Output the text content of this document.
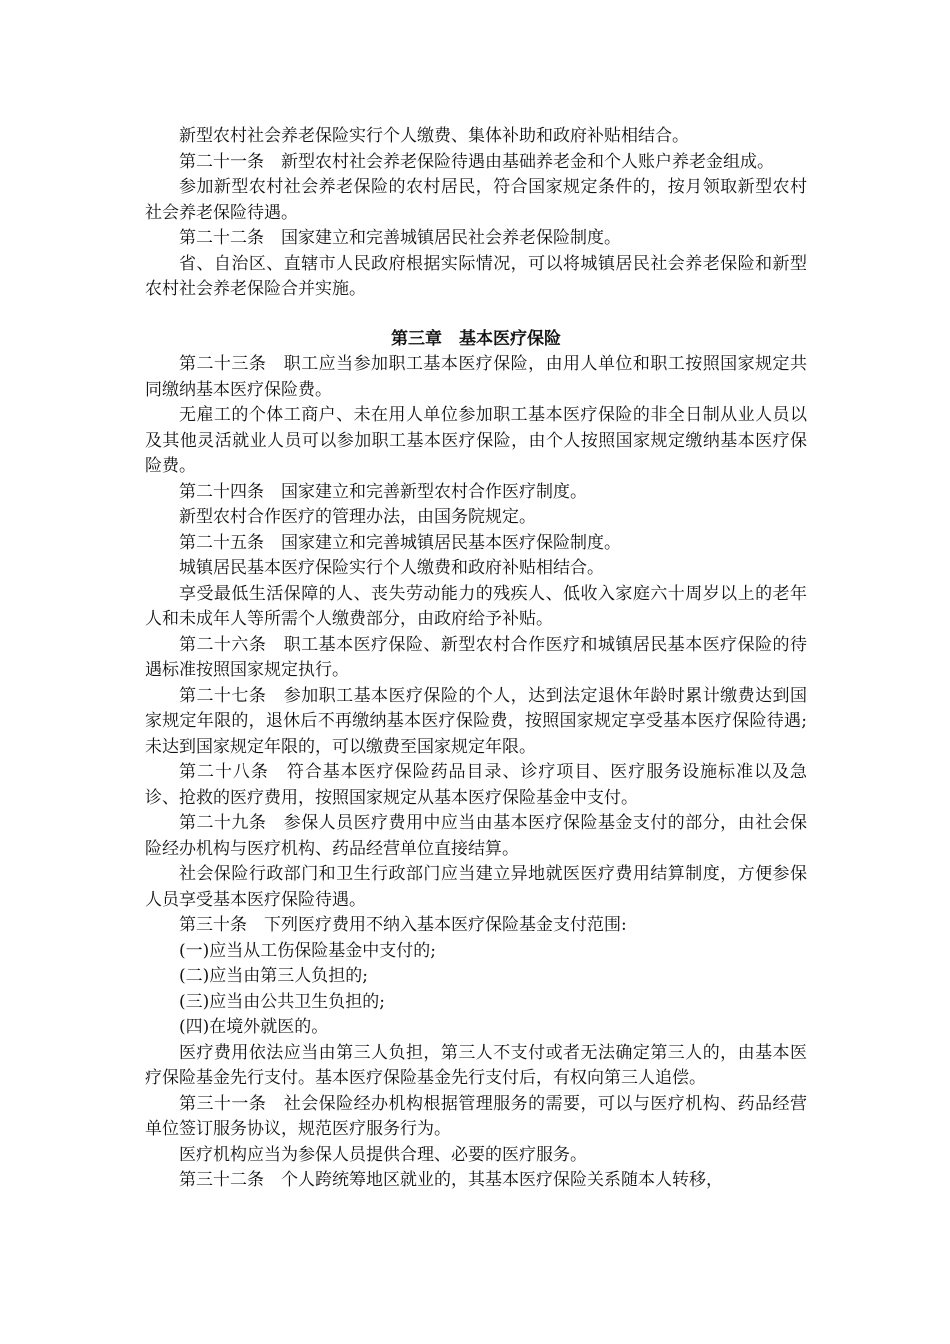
新型农村社会养老保险实行个人缴费、集体补助和政府补贴相结合。

第二十一条　新型农村社会养老保险待遇由基础养老金和个人账户养老金组成。

参加新型农村社会养老保险的农村居民，符合国家规定条件的，按月领取新型农村社会养老保险待遇。

第二十二条　国家建立和完善城镇居民社会养老保险制度。

省、自治区、直辖市人民政府根据实际情况，可以将城镇居民社会养老保险和新型农村社会养老保险合并实施。

第三章　基本医疗保险

第二十三条　职工应当参加职工基本医疗保险，由用人单位和职工按照国家规定共同缴纳基本医疗保险费。

无雇工的个体工商户、未在用人单位参加职工基本医疗保险的非全日制从业人员以及其他灵活就业人员可以参加职工基本医疗保险，由个人按照国家规定缴纳基本医疗保险费。

第二十四条　国家建立和完善新型农村合作医疗制度。

新型农村合作医疗的管理办法，由国务院规定。

第二十五条　国家建立和完善城镇居民基本医疗保险制度。

城镇居民基本医疗保险实行个人缴费和政府补贴相结合。

享受最低生活保障的人、丧失劳动能力的残疾人、低收入家庭六十周岁以上的老年人和未成年人等所需个人缴费部分，由政府给予补贴。

第二十六条　职工基本医疗保险、新型农村合作医疗和城镇居民基本医疗保险的待遇标准按照国家规定执行。

第二十七条　参加职工基本医疗保险的个人，达到法定退休年龄时累计缴费达到国家规定年限的，退休后不再缴纳基本医疗保险费，按照国家规定享受基本医疗保险待遇;未达到国家规定年限的，可以缴费至国家规定年限。

第二十八条　符合基本医疗保险药品目录、诊疗项目、医疗服务设施标准以及急诊、抢救的医疗费用，按照国家规定从基本医疗保险基金中支付。

第二十九条　参保人员医疗费用中应当由基本医疗保险基金支付的部分，由社会保险经办机构与医疗机构、药品经营单位直接结算。

社会保险行政部门和卫生行政部门应当建立异地就医医疗费用结算制度，方便参保人员享受基本医疗保险待遇。

第三十条　下列医疗费用不纳入基本医疗保险基金支付范围:

(一)应当从工伤保险基金中支付的;

(二)应当由第三人负担的;

(三)应当由公共卫生负担的;

(四)在境外就医的。

医疗费用依法应当由第三人负担，第三人不支付或者无法确定第三人的，由基本医疗保险基金先行支付。基本医疗保险基金先行支付后，有权向第三人追偿。

第三十一条　社会保险经办机构根据管理服务的需要，可以与医疗机构、药品经营单位签订服务协议，规范医疗服务行为。

医疗机构应当为参保人员提供合理、必要的医疗服务。

第三十二条　个人跨统筹地区就业的，其基本医疗保险关系随本人转移，
